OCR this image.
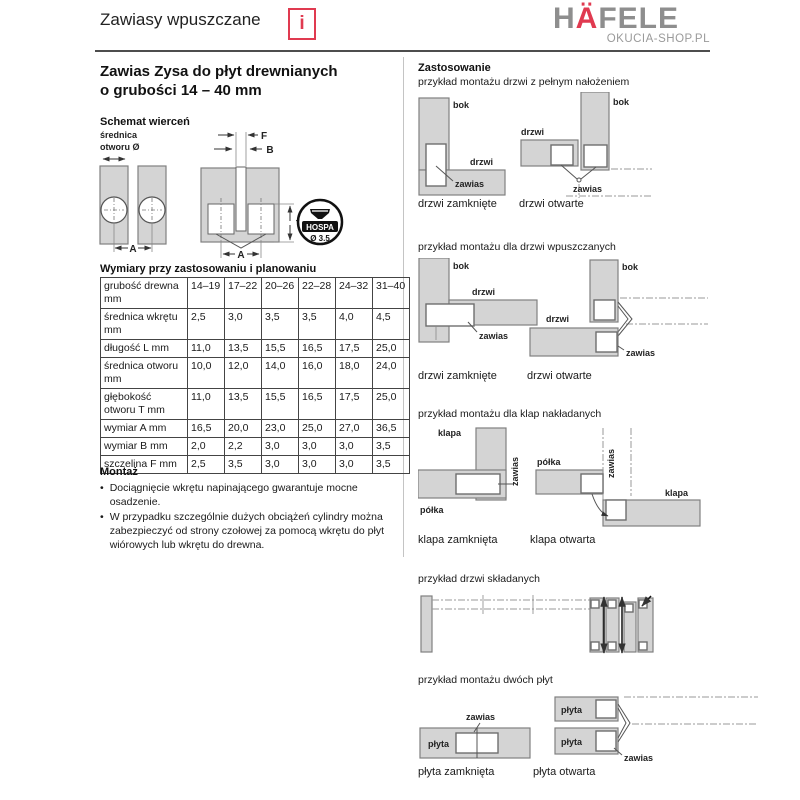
Zawiasy wpuszczane i	HÄFELE
OKUCIA-SHOP.PL
Zawias Zysa do płyt drewnianych
o grubości 14 – 40 mm
Schemat wierceń
średnica
otworu Ø
A
F
B
A
HOSPA
Ø 3.5
Wymiary przy zastosowaniu i planowaniu
grubość drewna mm	14–19	17–22	20–26	22–28	24–32	31–40
średnica wkrętu mm	2,5	3,0	3,5	3,5	4,0	4,5
długość L mm	11,0	13,5	15,5	16,5	17,5	25,0
średnica otworu mm	10,0	12,0	14,0	16,0	18,0	24,0
głębokość otworu T mm	11,0	13,5	15,5	16,5	17,5	25,0
wymiar A mm	16,5	20,0	23,0	25,0	27,0	36,5
wymiar B mm	2,0	2,2	3,0	3,0	3,0	3,5
szczelina F mm	2,5	3,5	3,0	3,0	3,0	3,5
Montaż
• Dociągnięcie wkrętu napinającego gwarantuje mocne osadzenie.
• W przypadku szczególnie dużych obciążeń cylindry można zabezpieczyć od strony czołowej za pomocą wkrętu do płyt wiórowych lub wkrętu do drewna.
Zastosowanie
przykład montażu drzwi z pełnym nałożeniem
bok
drzwi
zawias
drzwi
bok
zawias
drzwi zamknięte drzwi otwarte
przykład montażu dla drzwi wpuszczanych
bok
drzwi
zawias
bok
drzwi
zawias
drzwi zamknięte	drzwi otwarte
przykład montażu dla klap nakładanych
klapa
zawias
półka
półka	zawias
klapa
klapa zamknięta	klapa otwarta
przykład drzwi składanych
przykład montażu dwóch płyt
zawias
płyta
płyta
płyta
zawias
płyta zamknięta	płyta otwarta
